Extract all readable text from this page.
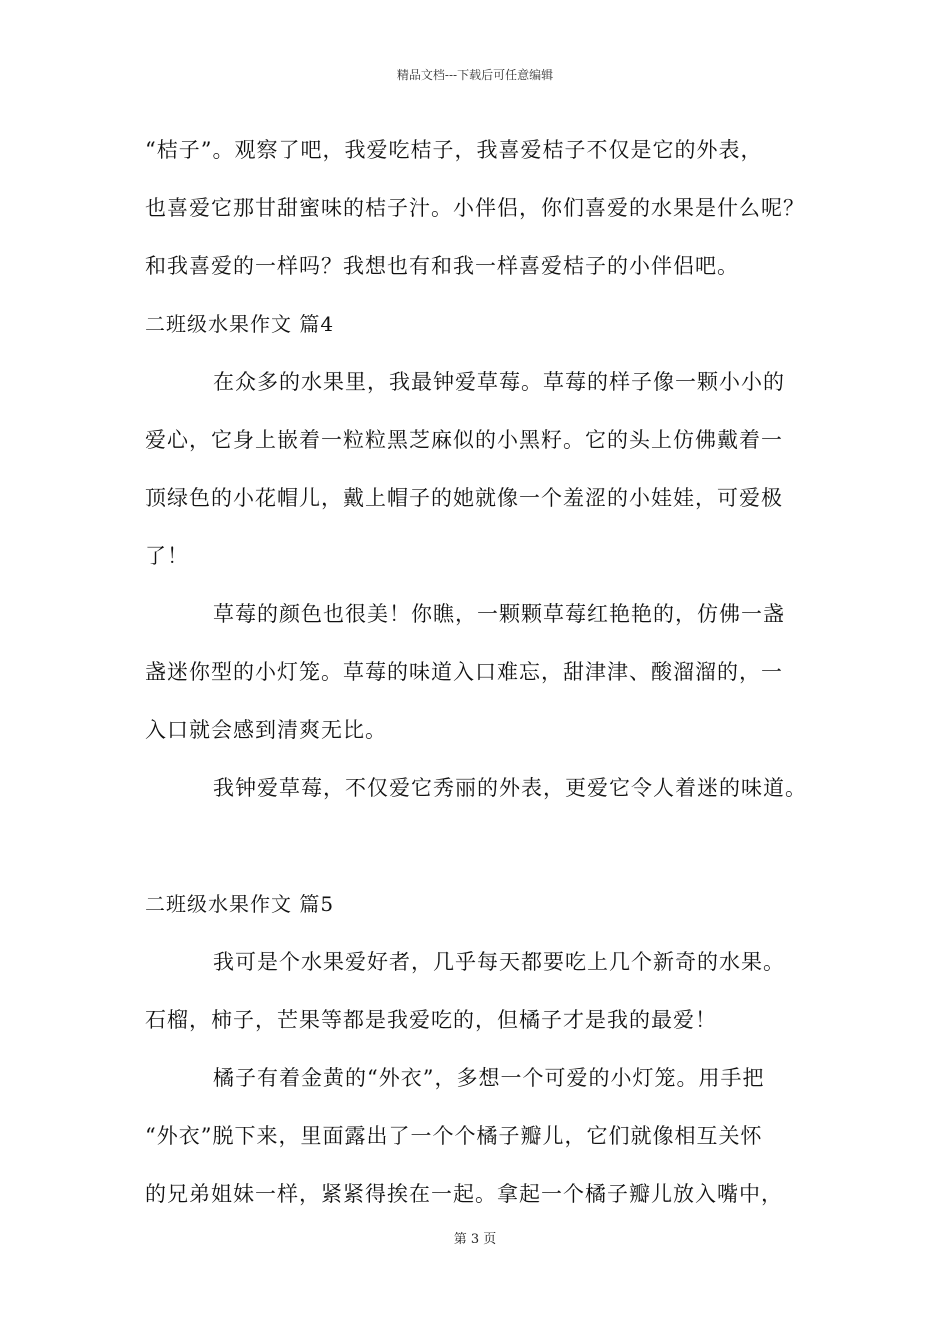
精品文档---下载后可任意编辑
“桔子”。观察了吧，我爱吃桔子，我喜爱桔子不仅是它的外表，
也喜爱它那甘甜蜜味的桔子汁。小伴侣，你们喜爱的水果是什么呢？
和我喜爱的一样吗？我想也有和我一样喜爱桔子的小伴侣吧。
二班级水果作文 篇4
在众多的水果里，我最钟爱草莓。草莓的样子像一颗小小的
爱心，它身上嵌着一粒粒黑芝麻似的小黑籽。它的头上仿佛戴着一
顶绿色的小花帽儿，戴上帽子的她就像一个羞涩的小娃娃，可爱极
了！
草莓的颜色也很美！你瞧，一颗颗草莓红艳艳的，仿佛一盏
盏迷你型的小灯笼。草莓的味道入口难忘，甜津津、酸溜溜的，一
入口就会感到清爽无比。
我钟爱草莓，不仅爱它秀丽的外表，更爱它令人着迷的味道。
二班级水果作文 篇5
我可是个水果爱好者，几乎每天都要吃上几个新奇的水果。
石榴，柿子，芒果等都是我爱吃的，但橘子才是我的最爱！
橘子有着金黄的“外衣”，多想一个可爱的小灯笼。用手把
“外衣”脱下来，里面露出了一个个橘子瓣儿，它们就像相互关怀
的兄弟姐妹一样，紧紧得挨在一起。拿起一个橘子瓣儿放入嘴中，
第 3 页
